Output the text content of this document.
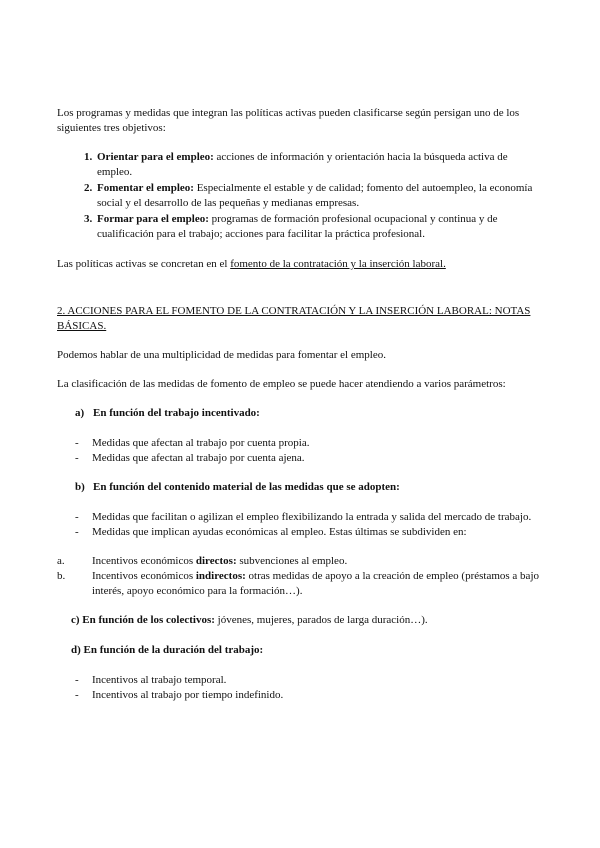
Los programas y medidas que integran las políticas activas pueden clasificarse según persigan uno de los siguientes tres objetivos:

1. Orientar para el empleo: acciones de información y orientación hacia la búsqueda activa de empleo.
2. Fomentar el empleo: Especialmente el estable y de calidad; fomento del autoempleo, la economía social y el desarrollo de las pequeñas y medianas empresas.
3. Formar para el empleo: programas de formación profesional ocupacional y continua y de cualificación para el trabajo; acciones para facilitar la práctica profesional.

Las políticas activas se concretan en el fomento de la contratación y la inserción laboral.

2. ACCIONES PARA EL FOMENTO DE LA CONTRATACIÓN Y LA INSERCIÓN LABORAL: NOTAS BÁSICAS.

Podemos hablar de una multiplicidad de medidas para fomentar el empleo.

La clasificación de las medidas de fomento de empleo se puede hacer atendiendo a varios parámetros:

a) En función del trabajo incentivado:

- Medidas que afectan al trabajo por cuenta propia.
- Medidas que afectan al trabajo por cuenta ajena.

b) En función del contenido material de las medidas que se adopten:

- Medidas que facilitan o agilizan el empleo flexibilizando la entrada y salida del mercado de trabajo.
- Medidas que implican ayudas económicas al empleo. Estas últimas se subdividen en:
a. Incentivos económicos directos: subvenciones al empleo.
b. Incentivos económicos indirectos: otras medidas de apoyo a la creación de empleo (préstamos a bajo interés, apoyo económico para la formación…).

c) En función de los colectivos: jóvenes, mujeres, parados de larga duración…).

d) En función de la duración del trabajo:

- Incentivos al trabajo temporal.
- Incentivos al trabajo por tiempo indefinido.
